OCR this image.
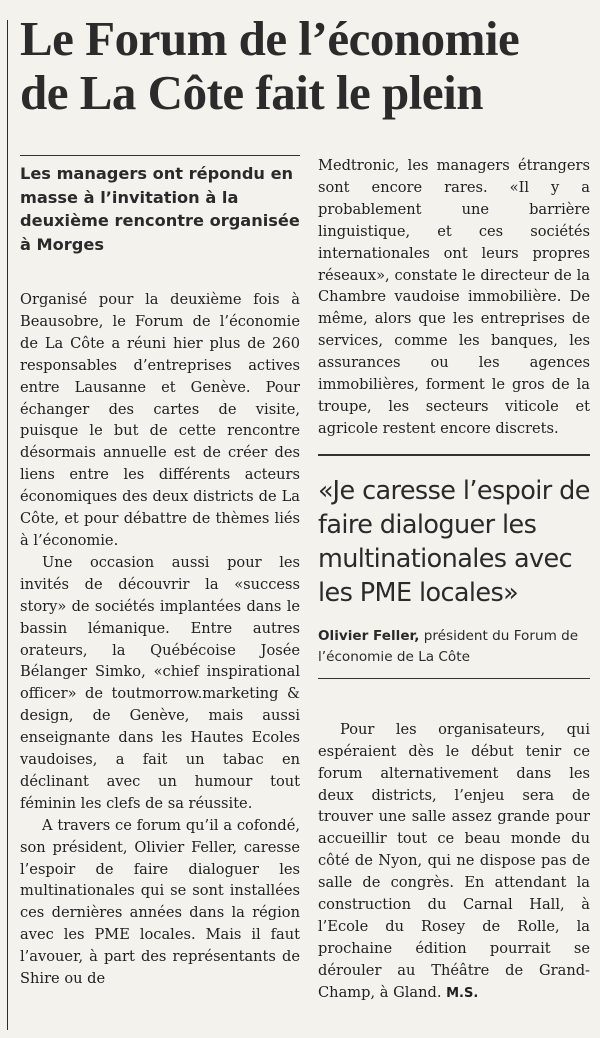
Le Forum de l’économie
de La Côte fait le plein
Les managers ont répondu en masse à l’invitation à la deuxième rencontre organisée à Morges

Organisé pour la deuxième fois à Beausobre, le Forum de l’économie de La Côte a réuni hier plus de 260 responsables d’entreprises actives entre Lausanne et Genève. Pour échanger des cartes de visite, puisque le but de cette rencontre désormais annuelle est de créer des liens entre les différents acteurs économiques des deux districts de La Côte, et pour débattre de thèmes liés à l’économie.

Une occasion aussi pour les invités de découvrir la «success story» de sociétés implantées dans le bassin lémanique. Entre autres orateurs, la Québécoise Josée Bélanger Simko, «chief inspirational officer» de toutmorrow.marketing & design, de Genève, mais aussi enseignante dans les Hautes Ecoles vaudoises, a fait un tabac en déclinant avec un humour tout féminin les clefs de sa réussite.

A travers ce forum qu’il a cofondé, son président, Olivier Feller, caresse l’espoir de faire dialoguer les multinationales qui se sont installées ces dernières années dans la région avec les PME locales. Mais il faut l’avouer, à part des représentants de Shire ou de

Medtronic, les managers étrangers sont encore rares. «Il y a probablement une barrière linguistique, et ces sociétés internationales ont leurs propres réseaux», constate le directeur de la Chambre vaudoise immobilière. De même, alors que les entreprises de services, comme les banques, les assurances ou les agences immobilières, forment le gros de la troupe, les secteurs viticole et agricole restent encore discrets.

«Je caresse l’espoir de faire dialoguer les multinationales avec les PME locales»
Olivier Feller, président du Forum de l’économie de La Côte

Pour les organisateurs, qui espéraient dès le début tenir ce forum alternativement dans les deux districts, l’enjeu sera de trouver une salle assez grande pour accueillir tout ce beau monde du côté de Nyon, qui ne dispose pas de salle de congrès. En attendant la construction du Carnal Hall, à l’Ecole du Rosey de Rolle, la prochaine édition pourrait se dérouler au Théâtre de Grand-Champ, à Gland. M.S.
